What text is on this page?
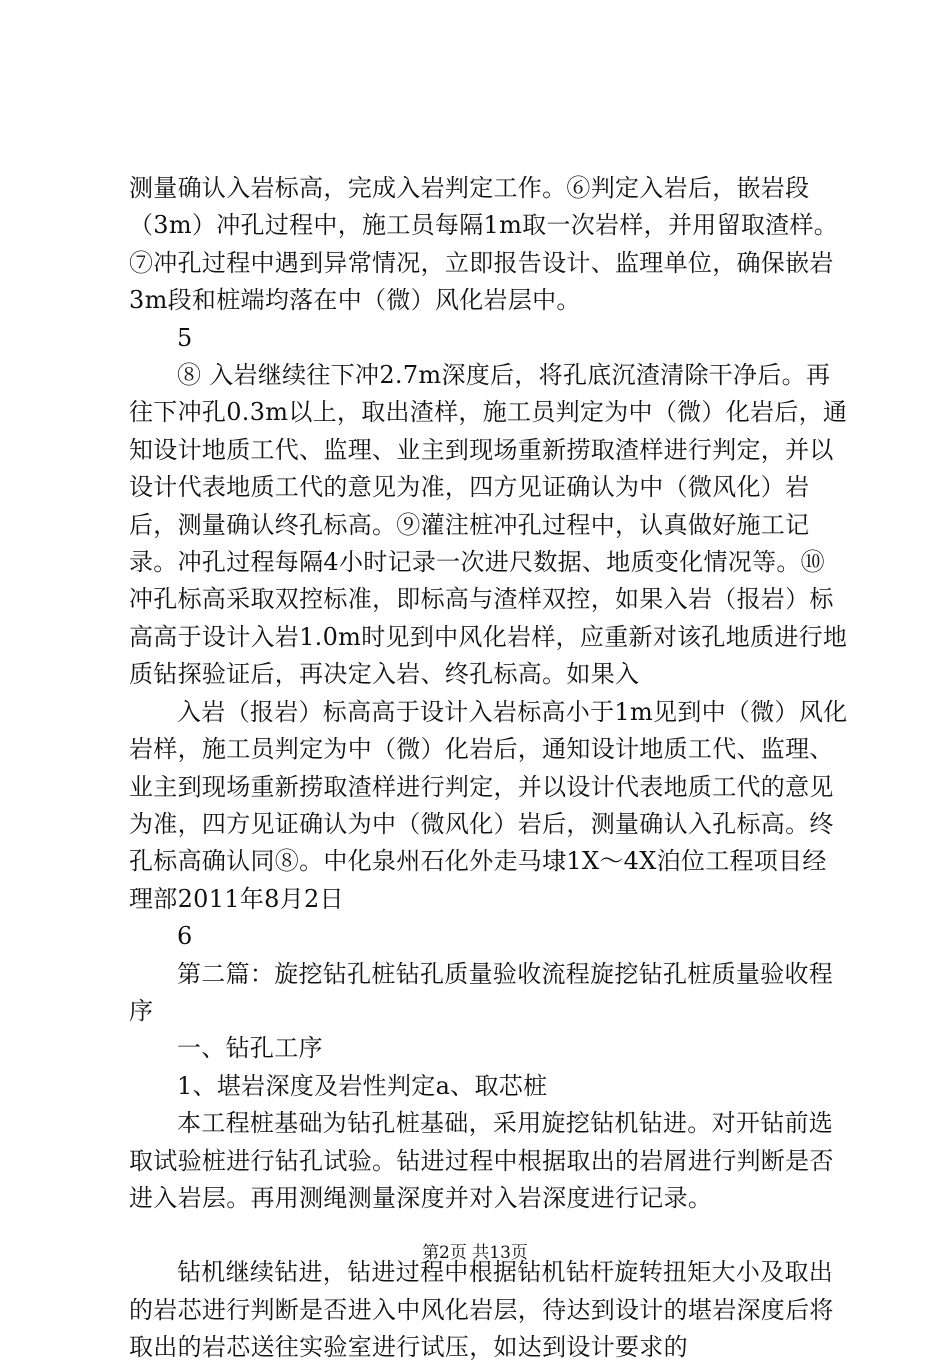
测量确认入岩标高，完成入岩判定工作。⑥判定入岩后，嵌岩段（3m）冲孔过程中，施工员每隔1m取一次岩样，并用留取渣样。⑦冲孔过程中遇到异常情况，立即报告设计、监理单位，确保嵌岩3m段和桩端均落在中（微）风化岩层中。

5

⑧ 入岩继续往下冲2.7m深度后，将孔底沉渣清除干净后。再往下冲孔0.3m以上，取出渣样，施工员判定为中（微）化岩后，通知设计地质工代、监理、业主到现场重新捞取渣样进行判定，并以设计代表地质工代的意见为准，四方见证确认为中（微风化）岩后，测量确认终孔标高。⑨灌注桩冲孔过程中，认真做好施工记录。冲孔过程每隔4小时记录一次进尺数据、地质变化情况等。⑩冲孔标高采取双控标准，即标高与渣样双控，如果入岩（报岩）标高高于设计入岩1.0m时见到中风化岩样，应重新对该孔地质进行地质钻探验证后，再决定入岩、终孔标高。如果入

入岩（报岩）标高高于设计入岩标高小于1m见到中（微）风化岩样，施工员判定为中（微）化岩后，通知设计地质工代、监理、业主到现场重新捞取渣样进行判定，并以设计代表地质工代的意见为准，四方见证确认为中（微风化）岩后，测量确认入孔标高。终孔标高确认同⑧。中化泉州石化外走马埭1X～4X泊位工程项目经理部2011年8月2日

6

第二篇：旋挖钻孔桩钻孔质量验收流程旋挖钻孔桩质量验收程序

一、钻孔工序

1、堪岩深度及岩性判定a、取芯桩

本工程桩基础为钻孔桩基础，采用旋挖钻机钻进。对开钻前选取试验桩进行钻孔试验。钻进过程中根据取出的岩屑进行判断是否进入岩层。再用测绳测量深度并对入岩深度进行记录。

钻机继续钻进，钻进过程中根据钻机钻杆旋转扭矩大小及取出的岩芯进行判断是否进入中风化岩层，待达到设计的堪岩深度后将取出的岩芯送往实验室进行试压，如达到设计要求的

第2页 共13页
